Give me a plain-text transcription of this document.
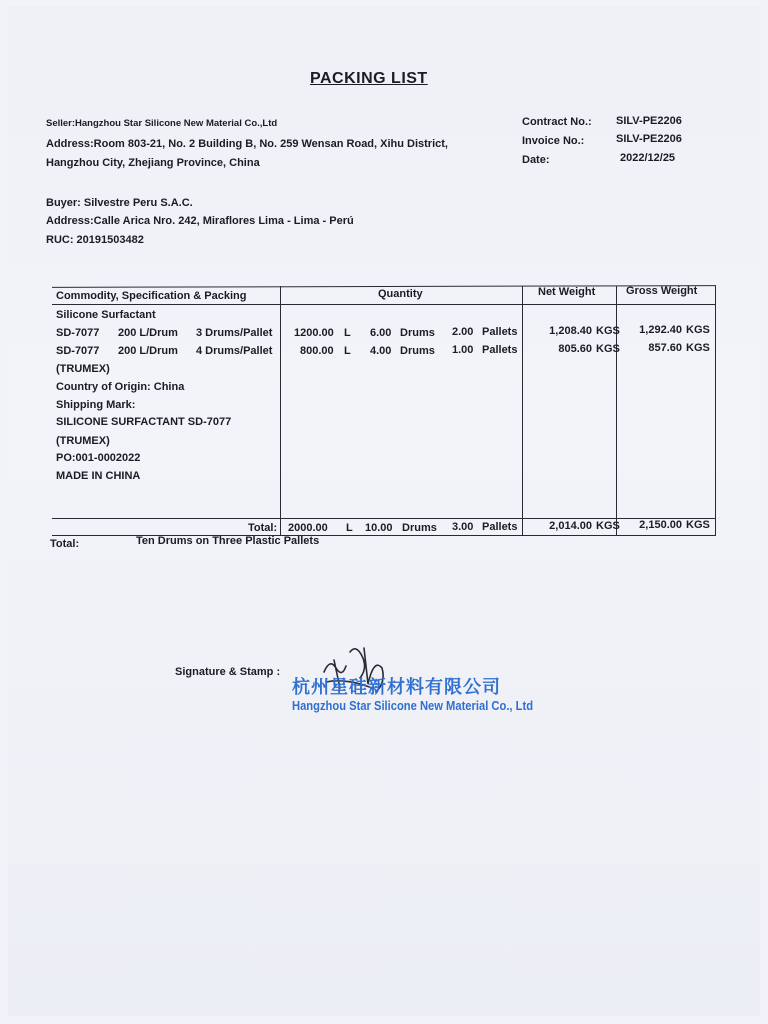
PACKING LIST
Seller:Hangzhou Star Silicone New Material Co.,Ltd
Address:Room 803-21, No. 2 Building B, No. 259 Wensan Road, Xihu District,
Hangzhou City, Zhejiang Province, China
Contract No.: SILV-PE2206
Invoice No.:	SILV-PE2206
Date:	2022/12/25
Buyer: Silvestre Peru S.A.C.
Address:Calle Arica Nro. 242, Miraflores Lima - Lima - Perú
RUC: 20191503482
Commodity, Specification & Packing	Quantity	Net Weight	Gross Weight
Silicone Surfactant
SD-7077 200 L/Drum 3 Drums/Pallet 1200.00 L 6.00 Drums 2.00 Pallets	1,208.40 KGS	1,292.40 KGS
SD-7077 200 L/Drum 4 Drums/Pallet	800.00 L 4.00 Drums 1.00 Pallets	805.60 KGS	857.60 KGS
(TRUMEX)
Country of Origin: China
Shipping Mark:
SILICONE SURFACTANT SD-7077
(TRUMEX)
PO:001-0002022
MADE IN CHINA
Total: 2000.00 L 10.00 Drums 3.00 Pallets	2,014.00 KGS	2,150.00 KGS
Total:	Ten Drums on Three Plastic Pallets
Signature & Stamp :
杭州星硅新材料有限公司
Hangzhou Star Silicone New Material Co., Ltd
